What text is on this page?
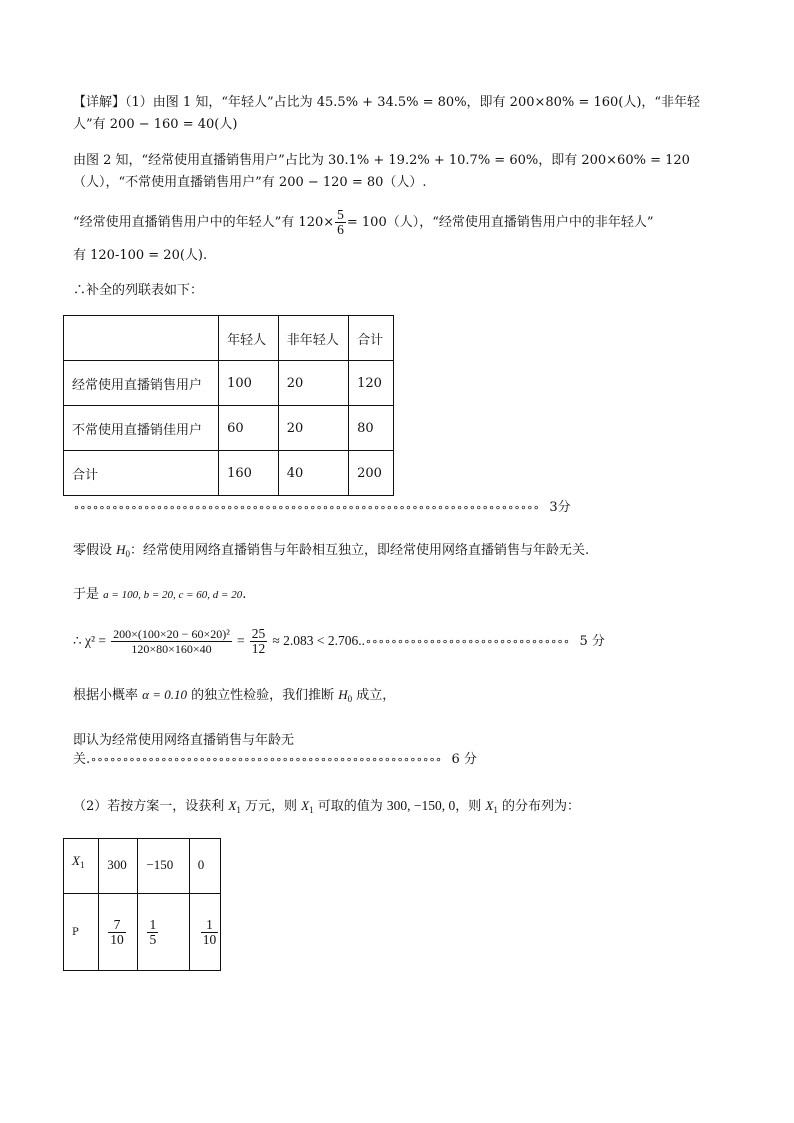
【详解】（1）由图 1 知，“年轻人”占比为 45.5% + 34.5% = 80%，即有 200×80% = 160(人)，“非年轻
人”有 200 − 160 = 40(人)
由图 2 知，“经常使用直播销售用户”占比为 30.1% + 19.2% + 10.7% = 60%，即有 200×60% = 120
（人），“不常使用直播销售用户”有 200 − 120 = 80（人）.
“经常使用直播销售用户中的年轻人”有 $120\times \frac{5}{6} = 100$（人），“经常使用直播销售用户中的非年轻人”
有 120-100 = 20(人).
∴补全的列联表如下：
	年轻人	非年轻人	合计
经常使用直播销售用户	100	20	120
不常使用直播销佳用户	60	20	80
合计	160	40	200
∘∘∘∘∘∘∘∘∘∘∘∘∘∘∘∘∘∘∘∘∘∘∘∘∘∘∘∘∘∘∘∘∘∘∘∘∘∘∘∘∘∘∘∘∘∘∘∘∘∘∘∘∘∘∘∘∘∘∘∘∘∘∘∘∘∘∘∘∘∘∘∘∘ 3分
零假设 $H_0$：经常使用网络直播销售与年龄相互独立，即经常使用网络直播销售与年龄无关.
于是 a = 100, b = 20, c = 60, d = 20.
∴ $\chi^2 = \frac{\text{200×(100×20 − 60×20)²}}{120\times 80\times 160\times 40} = \frac{25}{12} \approx 2.083$ < 2.706..∘∘∘∘∘∘∘∘∘∘∘∘∘∘∘∘∘∘∘∘∘∘∘∘∘∘∘∘∘∘∘∘ 5 分
根据小概率 α = 0.10 的独立性检验，我们推断 $H_0$ 成立，
即认为经常使用网络直播销售与年龄无
关.∘∘∘∘∘∘∘∘∘∘∘∘∘∘∘∘∘∘∘∘∘∘∘∘∘∘∘∘∘∘∘∘∘∘∘∘∘∘∘∘∘∘∘∘∘∘∘∘∘∘∘∘∘∘∘ 6 分
（2）若按方案一，设获利 $X_1$ 万元，则 $X_1$ 可取的值为 300, −150, 0，则 $X_1$ 的分布列为：
$X_1$	300	−150	0
P	$\frac{7}{10}$	$\frac{1}{5}$	$\frac{1}{10}$
